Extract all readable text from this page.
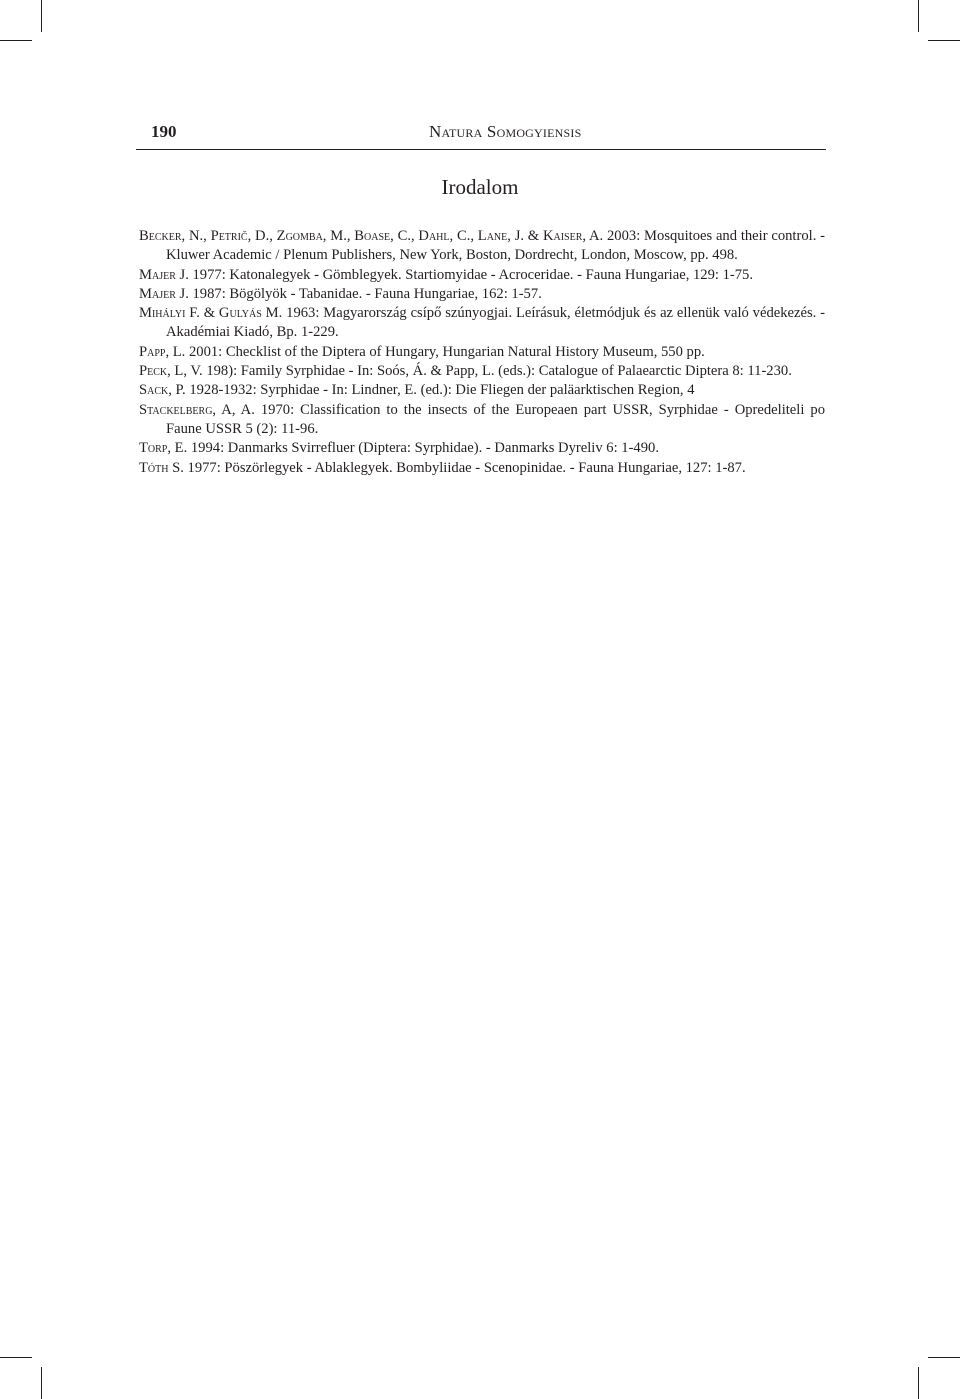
190	Natura Somogyiensis
Irodalom
Becker, N., Petrič, D., Zgomba, M., Boase, C., Dahl, C., Lane, J. & Kaiser, A. 2003: Mosquitoes and their control. - Kluwer Academic / Plenum Publishers, New York, Boston, Dordrecht, London, Moscow, pp. 498.
Majer J. 1977: Katonalegyek - Gömblegyek. Startiomyidae - Acroceridae. - Fauna Hungariae, 129: 1-75.
Majer J. 1987: Bögölyök - Tabanidae. - Fauna Hungariae, 162: 1-57.
Mihályi F. & Gulyás M. 1963: Magyarország csípő szúnyogjai. Leírásuk, életmódjuk és az ellenük való védekezés. - Akadémiai Kiadó, Bp. 1-229.
Papp, L. 2001: Checklist of the Diptera of Hungary, Hungarian Natural History Museum, 550 pp.
Peck, L, V. 198): Family Syrphidae - In: Soós, Á. & Papp, L. (eds.): Catalogue of Palaearctic Diptera 8: 11-230.
Sack, P. 1928-1932: Syrphidae - In: Lindner, E. (ed.): Die Fliegen der paläarktischen Region, 4
Stackelberg, A, A. 1970: Classification to the insects of the Europeaen part USSR, Syrphidae - Opredeliteli po Faune USSR 5 (2): 11-96.
Torp, E. 1994: Danmarks Svirrefluer (Diptera: Syrphidae). - Danmarks Dyreliv 6: 1-490.
Tóth S. 1977: Pöszörlegyek - Ablaklegyek. Bombyliidae - Scenopinidae. - Fauna Hungariae, 127: 1-87.
